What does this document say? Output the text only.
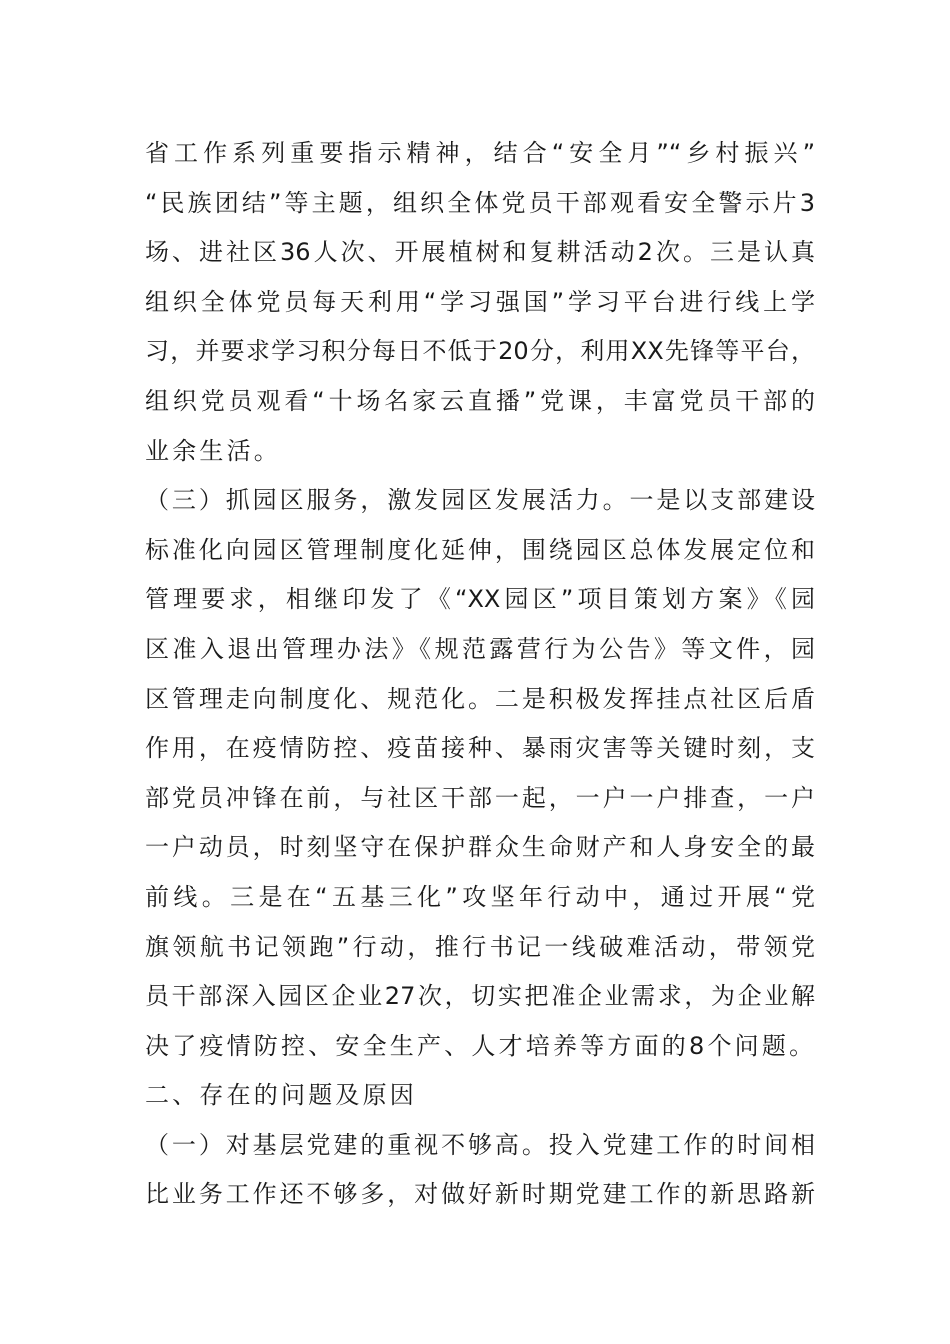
省工作系列重要指示精神，结合“安全月”“乡村振兴”
“民族团结”等主题，组织全体党员干部观看安全警示片3
场、进社区36人次、开展植树和复耕活动2次。三是认真
组织全体党员每天利用“学习强国”学习平台进行线上学
习，并要求学习积分每日不低于20分，利用XX先锋等平台，
组织党员观看“十场名家云直播”党课，丰富党员干部的
业余生活。
（三）抓园区服务，激发园区发展活力。一是以支部建设
标准化向园区管理制度化延伸，围绕园区总体发展定位和
管理要求，相继印发了《“XX园区”项目策划方案》《园
区准入退出管理办法》《规范露营行为公告》等文件，园
区管理走向制度化、规范化。二是积极发挥挂点社区后盾
作用，在疫情防控、疫苗接种、暴雨灾害等关键时刻，支
部党员冲锋在前，与社区干部一起，一户一户排查，一户
一户动员，时刻坚守在保护群众生命财产和人身安全的最
前线。三是在“五基三化”攻坚年行动中，通过开展“党
旗领航书记领跑”行动，推行书记一线破难活动，带领党
员干部深入园区企业27次，切实把准企业需求，为企业解
决了疫情防控、安全生产、人才培养等方面的8个问题。
二、存在的问题及原因
（一）对基层党建的重视不够高。投入党建工作的时间相
比业务工作还不够多，对做好新时期党建工作的新思路新
